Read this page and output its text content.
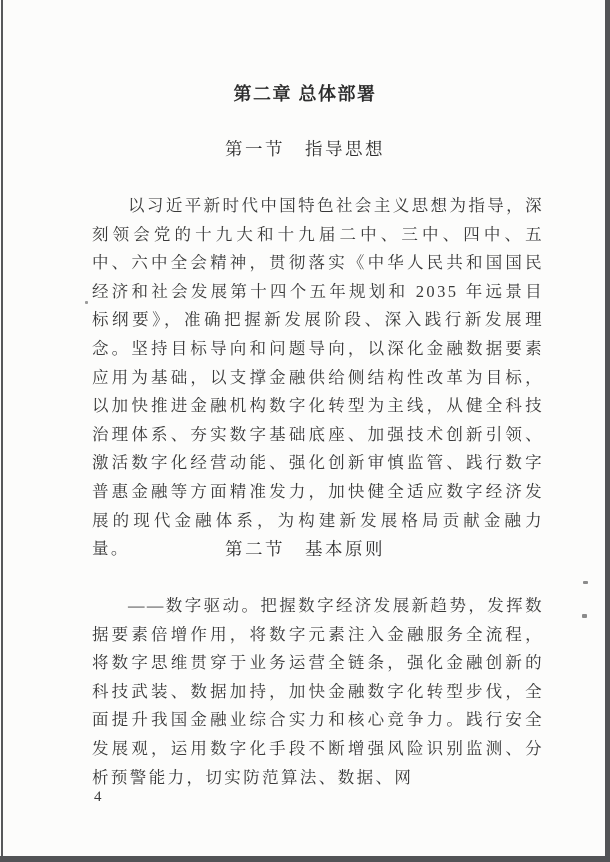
第二章 总体部署
第一节　指导思想
以习近平新时代中国特色社会主义思想为指导，深刻领会党的十九大和十九届二中、三中、四中、五中、六中全会精神，贯彻落实《中华人民共和国国民经济和社会发展第十四个五年规划和 2035 年远景目标纲要》，准确把握新发展阶段、深入践行新发展理念。坚持目标导向和问题导向，以深化金融数据要素应用为基础，以支撑金融供给侧结构性改革为目标，以加快推进金融机构数字化转型为主线，从健全科技治理体系、夯实数字基础底座、加强技术创新引领、激活数字化经营动能、强化创新审慎监管、践行数字普惠金融等方面精准发力，加快健全适应数字经济发展的现代金融体系，为构建新发展格局贡献金融力量。	第二节　基本原则
——数字驱动。把握数字经济发展新趋势，发挥数据要素倍增作用，将数字元素注入金融服务全流程，将数字思维贯穿于业务运营全链条，强化金融创新的科技武装、数据加持，加快金融数字化转型步伐，全面提升我国金融业综合实力和核心竞争力。践行安全发展观，运用数字化手段不断增强风险识别监测、分析预警能力，切实防范算法、数据、网
4
